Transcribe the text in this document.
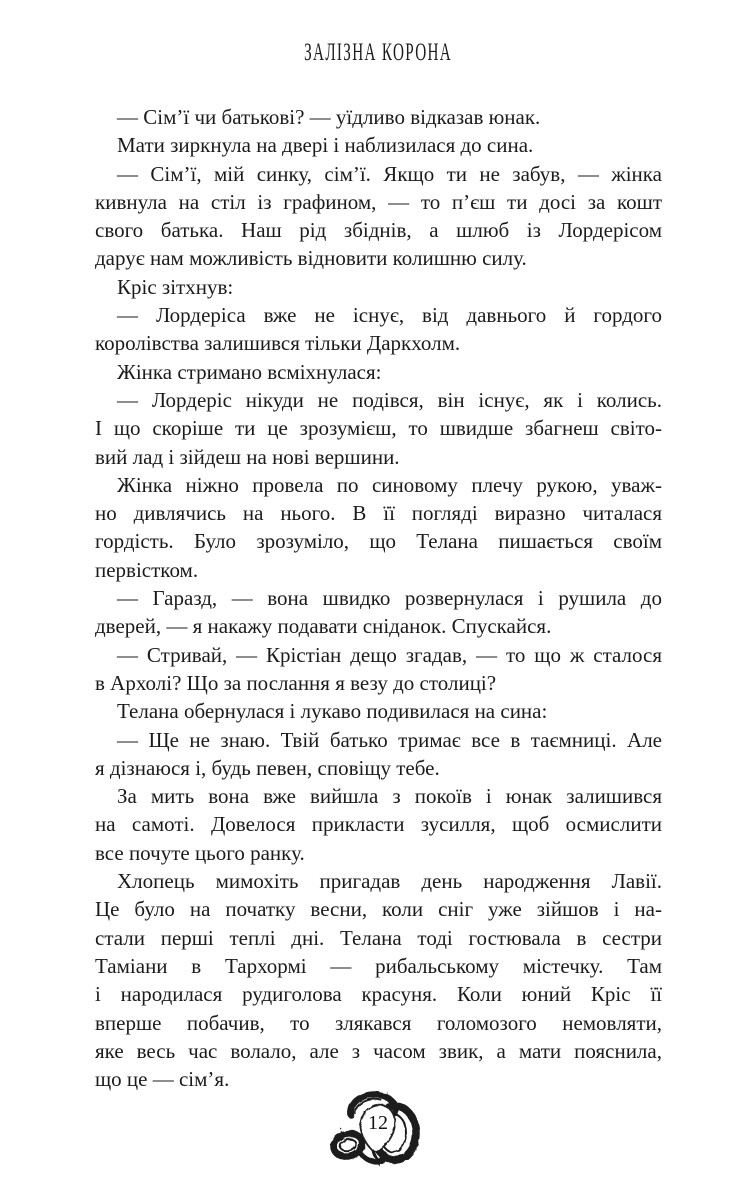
ЗАЛІЗНА КОРОНА
— Сім’ї чи батькові? — уїдливо відказав юнак.
Мати зиркнула на двері і наблизилася до сина.
— Сім’ї, мій синку, сім’ї. Якщо ти не забув, — жінка
кивнула на стіл із графином, — то п’єш ти досі за кошт
свого батька. Наш рід збіднів, а шлюб із Лордерісом
дарує нам можливість відновити колишню силу.
Кріс зітхнув:
— Лордеріса вже не існує, від давнього й гордого
королівства залишився тільки Даркхолм.
Жінка стримано всміхнулася:
— Лордеріс нікуди не подівся, він існує, як і колись.
І що скоріше ти це зрозумієш, то швидше збагнеш світо-
вий лад і зійдеш на нові вершини.
Жінка ніжно провела по синовому плечу рукою, уваж-
но дивлячись на нього. В її погляді виразно читалася
гордість. Було зрозуміло, що Телана пишається своїм
первістком.
— Гаразд, — вона швидко розвернулася і рушила до
дверей, — я накажу подавати сніданок. Спускайся.
— Стривай, — Крістіан дещо згадав, — то що ж сталося
в Архолі? Що за послання я везу до столиці?
Телана обернулася і лукаво подивилася на сина:
— Ще не знаю. Твій батько тримає все в таємниці. Але
я дізнаюся і, будь певен, сповіщу тебе.
За мить вона вже вийшла з покоїв і юнак залишився
на самоті. Довелося прикласти зусилля, щоб осмислити
все почуте цього ранку.
Хлопець мимохіть пригадав день народження Лавії.
Це було на початку весни, коли сніг уже зійшов і на-
стали перші теплі дні. Телана тоді гостювала в сестри
Таміани в Тархормі — рибальському містечку. Там
і народилася рудиголова красуня. Коли юний Кріс її
вперше побачив, то злякався голомозого немовляти,
яке весь час волало, але з часом звик, а мати пояснила,
що це — сім’я.
12
